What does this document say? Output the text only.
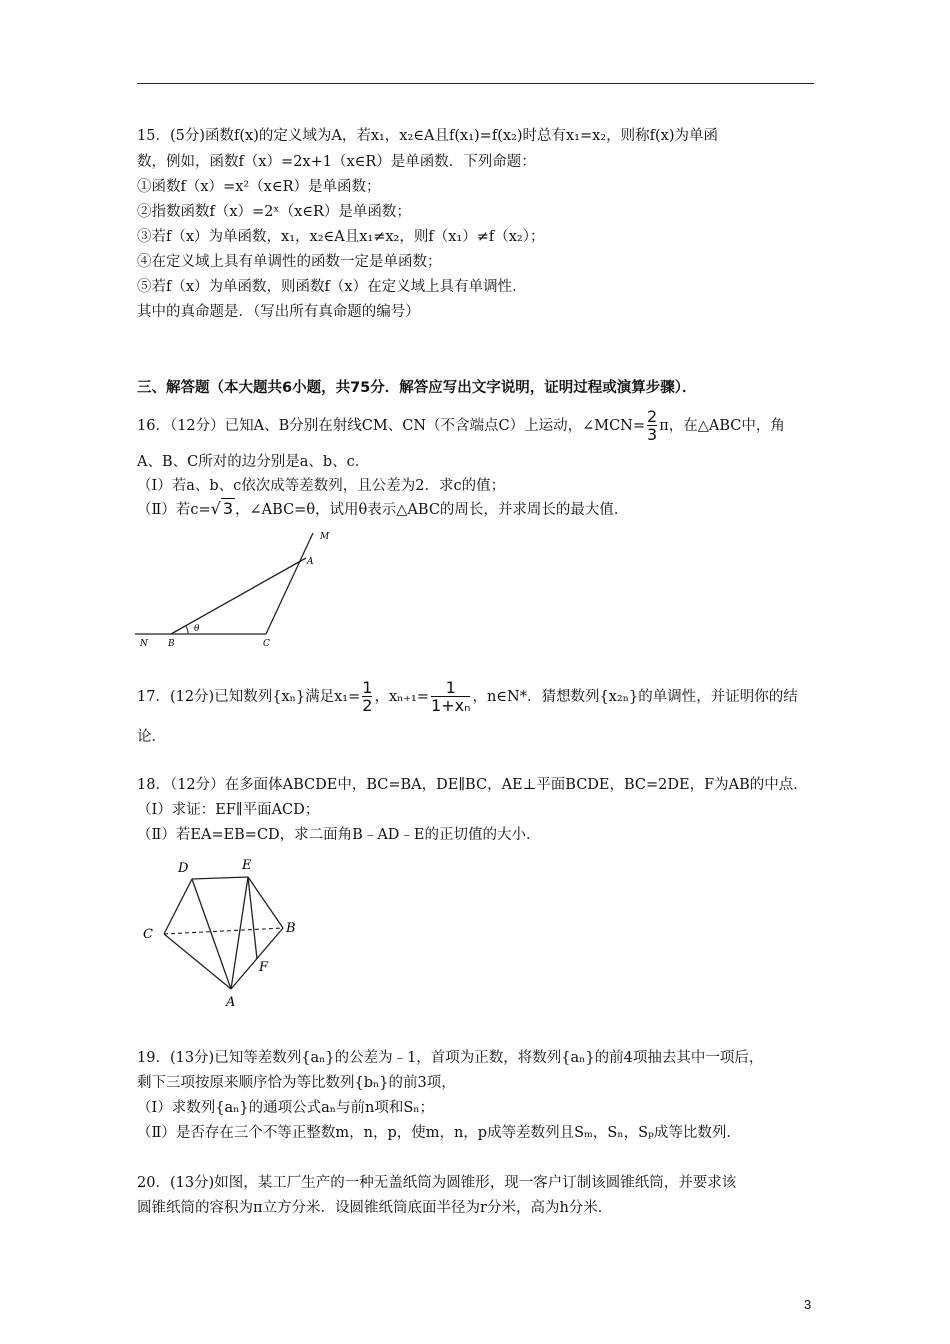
15．(5分)函数f(x)的定义域为A，若x₁，x₂∈A且f(x₁)=f(x₂)时总有x₁=x₂，则称f(x)为单函
数，例如，函数f（x）=2x+1（x∈R）是单函数．下列命题：
①函数f（x）=x²（x∈R）是单函数；
②指数函数f（x）=2ˣ（x∈R）是单函数；
③若f（x）为单函数，x₁，x₂∈A且x₁≠x₂，则f（x₁）≠f（x₂）；
④在定义域上具有单调性的函数一定是单函数；
⑤若f（x）为单函数，则函数f（x）在定义域上具有单调性．
其中的真命题是．（写出所有真命题的编号）
三、解答题（本大题共6小题，共75分．解答应写出文字说明，证明过程或演算步骤）．
16．（12分）已知A、B分别在射线CM、CN（不含端点C）上运动，∠MCN= $\frac{2}{3}$ π，在△ABC中，角
A、B、C所对的边分别是a、b、c．
（Ⅰ）若a、b、c依次成等差数列，且公差为2．求c的值；
（Ⅱ）若c=√ 3 ，∠ABC=θ，试用θ表示△ABC的周长，并求周长的最大值．
M
A
N B	C
θ
17．(12分)已知数列{xₙ}满足$x_1= \frac{1}{2}$ ，$x_{n+1}= \frac{1}{\text{1+xₙ}}$ ，n∈N*．猜想数列{x₂ₙ}的单调性，并证明你的结
论．
18．（12分）在多面体ABCDE中，BC=BA，DE∥BC，AE⊥平面BCDE，BC=2DE，F为AB的中点．
（Ⅰ）求证：EF∥平面ACD；
（Ⅱ）若EA=EB=CD，求二面角B﹣AD﹣E的正切值的大小．
D	E
C	B
F
A
19．(13分)已知等差数列{aₙ}的公差为﹣1，首项为正数，将数列{aₙ}的前4项抽去其中一项后，
剩下三项按原来顺序恰为等比数列{bₙ}的前3项，
（Ⅰ）求数列{aₙ}的通项公式aₙ与前n项和Sₙ；
（Ⅱ）是否存在三个不等正整数m，n，p，使m，n，p成等差数列且Sₘ，Sₙ，Sₚ成等比数列．
20．(13分)如图，某工厂生产的一种无盖纸筒为圆锥形，现一客户订制该圆锥纸筒，并要求该
圆锥纸筒的容积为π立方分米．设圆锥纸筒底面半径为r分米，高为h分米．
3
